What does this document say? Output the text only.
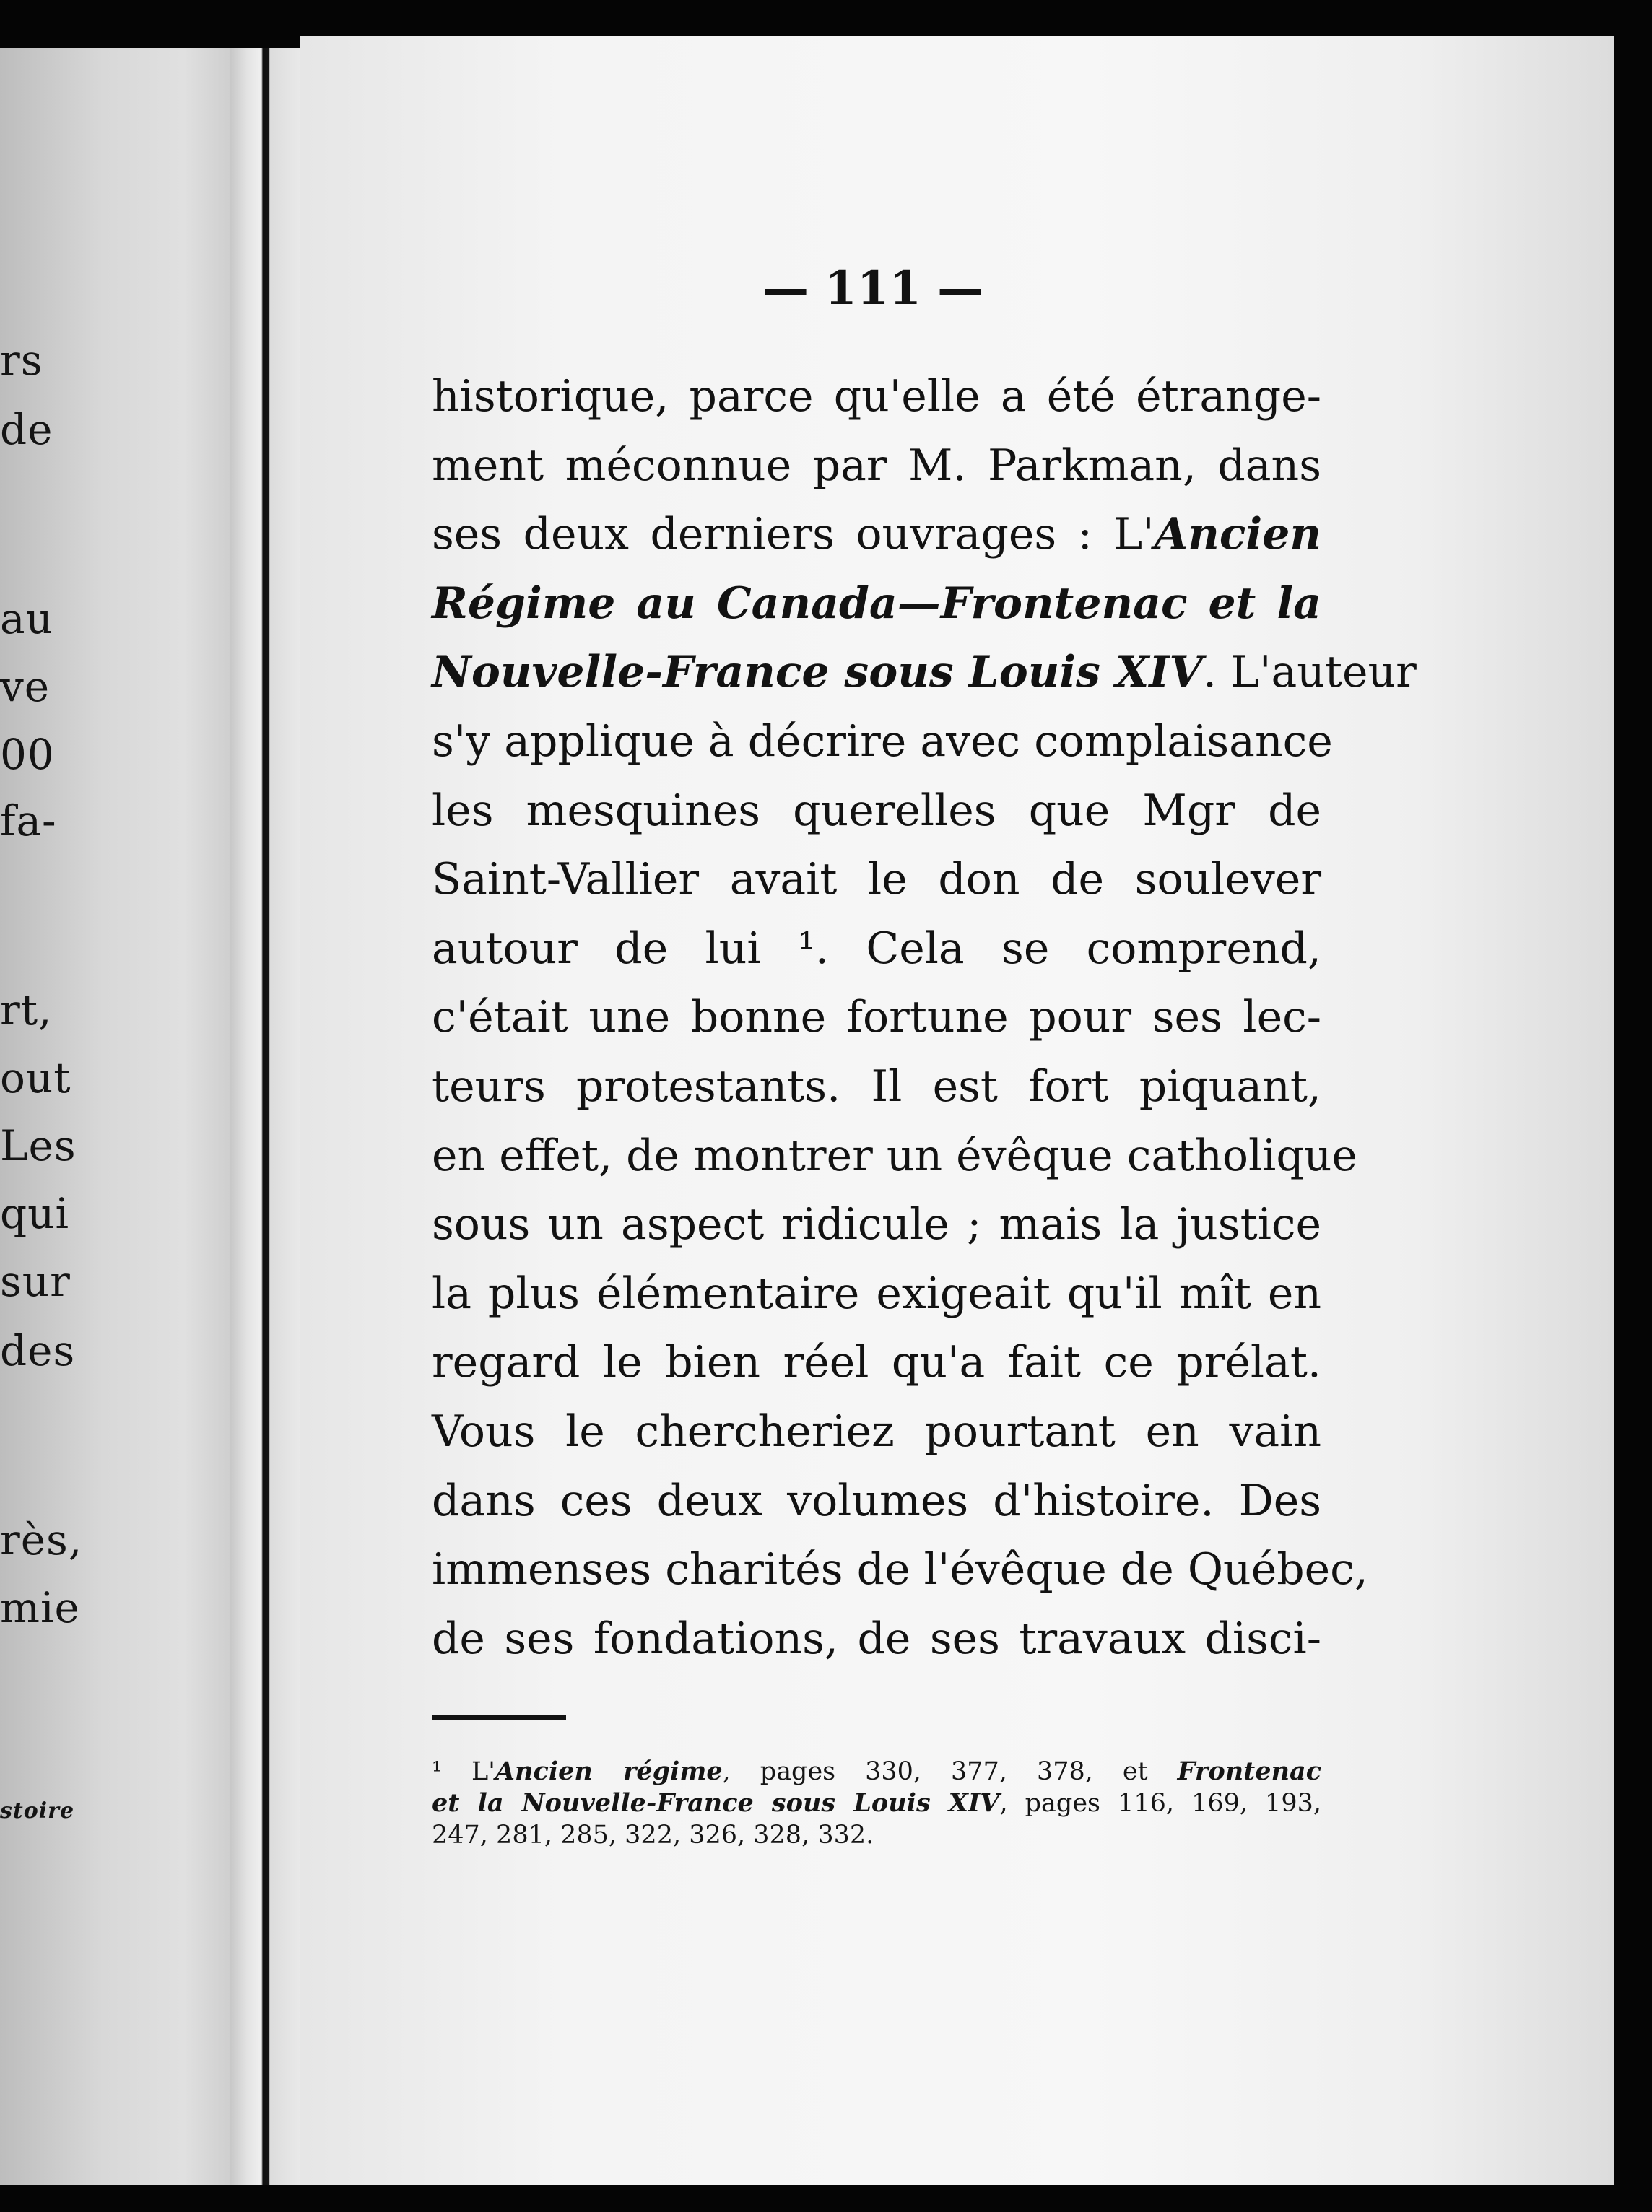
stoire
rs
de
au
ve
00
fa-
rt,
out
Les
qui
sur
des
rès,
mie
— 111 —
historique, parce qu'elle a été étrange-
ment méconnue par M. Parkman, dans
ses deux derniers ouvrages : L'Ancien
Régime au Canada—Frontenac et la
Nouvelle-France sous Louis XIV. L'auteur
s'y applique à décrire avec complaisance
les mesquines querelles que Mgr de
Saint-Vallier avait le don de soulever
autour de lui ¹. Cela se comprend,
c'était une bonne fortune pour ses lec-
teurs protestants. Il est fort piquant,
en effet, de montrer un évêque catholique
sous un aspect ridicule ; mais la justice
la plus élémentaire exigeait qu'il mît en
regard le bien réel qu'a fait ce prélat.
Vous le chercheriez pourtant en vain
dans ces deux volumes d'histoire. Des
immenses charités de l'évêque de Québec,
de ses fondations, de ses travaux disci-
¹ L'Ancien régime, pages 330, 377, 378, et Frontenac
et la Nouvelle-France sous Louis XIV, pages 116, 169, 193,
247, 281, 285, 322, 326, 328, 332.
